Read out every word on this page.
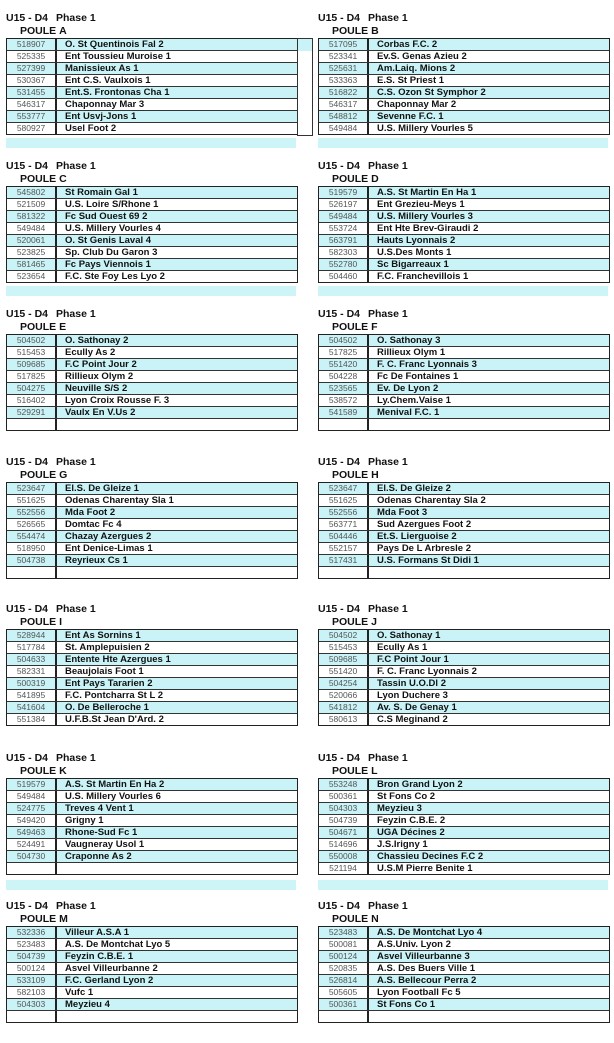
U15 - D4 Phase 1
POULE A
518907	O. St Quentinois Fal 2
525335	Ent Toussieu Muroise 1
527399	Manissieux As 1
530367	Ent C.S. Vaulxois 1
531455	Ent.S. Frontonas Cha 1
546317	Chaponnay Mar 3
553777	Ent Usvj-Jons 1
580927	Usel Foot 2
U15 - D4 Phase 1
POULE B
517095	Corbas F.C. 2
523341	Ev.S. Genas Azieu 2
525631	Am.Laiq. Mions 2
533363	E.S. St Priest 1
516822	C.S. Ozon St Symphor 2
546317	Chaponnay Mar 2
548812	Sevenne F.C. 1
549484	U.S. Millery Vourles 5
U15 - D4 Phase 1
POULE C
545802	St Romain Gal 1
521509	U.S. Loire S/Rhone 1
581322	Fc Sud Ouest 69 2
549484	U.S. Millery Vourles 4
520061	O. St Genis Laval 4
523825	Sp. Club Du Garon 3
581465	Fc Pays Viennois 1
523654	F.C. Ste Foy Les Lyo 2
U15 - D4 Phase 1
POULE D
519579	A.S. St Martin En Ha 1
526197	Ent Grezieu-Meys 1
549484	U.S. Millery Vourles 3
553724	Ent Hte Brev-Giraudi 2
563791	Hauts Lyonnais 2
582303	U.S.Des Monts 1
552780	Sc Bigarreaux 1
504460	F.C. Franchevillois 1
U15 - D4 Phase 1
POULE E
504502	O. Sathonay 2
515453	Ecully As 2
509685	F.C Point Jour 2
517825	Rillieux Olym 2
504275	Neuville S/S 2
516402	Lyon Croix Rousse F. 3
529291	Vaulx En V.Us 2
U15 - D4 Phase 1
POULE F
504502	O. Sathonay 3
517825	Rillieux Olym 1
551420	F. C. Franc Lyonnais 3
504228	Fc De Fontaines 1
523565	Ev. De Lyon 2
538572	Ly.Chem.Vaise 1
541589	Menival F.C. 1
U15 - D4 Phase 1
POULE G
523647	El.S. De Gleize 1
551625	Odenas Charentay Sla 1
552556	Mda Foot 2
526565	Domtac Fc 4
554474	Chazay Azergues 2
518950	Ent Denice-Limas 1
504738	Reyrieux Cs 1
U15 - D4 Phase 1
POULE H
523647	El.S. De Gleize 2
551625	Odenas Charentay Sla 2
552556	Mda Foot 3
563771	Sud Azergues Foot 2
504446	Et.S. Lierguoise 2
552157	Pays De L Arbresle 2
517431	U.S. Formans St Didi 1
U15 - D4 Phase 1
POULE I
528944	Ent As Sornins 1
517784	St. Amplepuisien 2
504633	Entente Hte Azergues 1
582331	Beaujolais Foot 1
500319	Ent Pays Tararien 2
541895	F.C. Pontcharra St L 2
541604	O. De Belleroche 1
551384	U.F.B.St Jean D'Ard. 2
U15 - D4 Phase 1
POULE J
504502	O. Sathonay 1
515453	Ecully As 1
509685	F.C Point Jour 1
551420	F. C. Franc Lyonnais 2
504254	Tassin U.O.Dl 2
520066	Lyon Duchere 3
541812	Av. S. De Genay 1
580613	C.S Meginand 2
U15 - D4 Phase 1
POULE K
519579	A.S. St Martin En Ha 2
549484	U.S. Millery Vourles 6
524775	Treves 4 Vent 1
549420	Grigny 1
549463	Rhone-Sud Fc 1
524491	Vaugneray Usol 1
504730	Craponne As 2
U15 - D4 Phase 1
POULE L
553248	Bron Grand Lyon 2
500361	St Fons Co 2
504303	Meyzieu 3
504739	Feyzin C.B.E. 2
504671	UGA Décines 2
514696	J.S.Irigny 1
550008	Chassieu Decines F.C 2
521194	U.S.M Pierre Benite 1
U15 - D4 Phase 1
POULE M
532336	Villeur A.S.A 1
523483	A.S. De Montchat Lyo 5
504739	Feyzin C.B.E. 1
500124	Asvel Villeurbanne 2
533109	F.C. Gerland Lyon 2
582103	Vufc 1
504303	Meyzieu 4
U15 - D4 Phase 1
POULE N
523483	A.S. De Montchat Lyo 4
500081	A.S.Univ. Lyon 2
500124	Asvel Villeurbanne 3
520835	A.S. Des Buers Ville 1
526814	A.S. Bellecour Perra 2
505605	Lyon Football Fc 5
500361	St Fons Co 1
